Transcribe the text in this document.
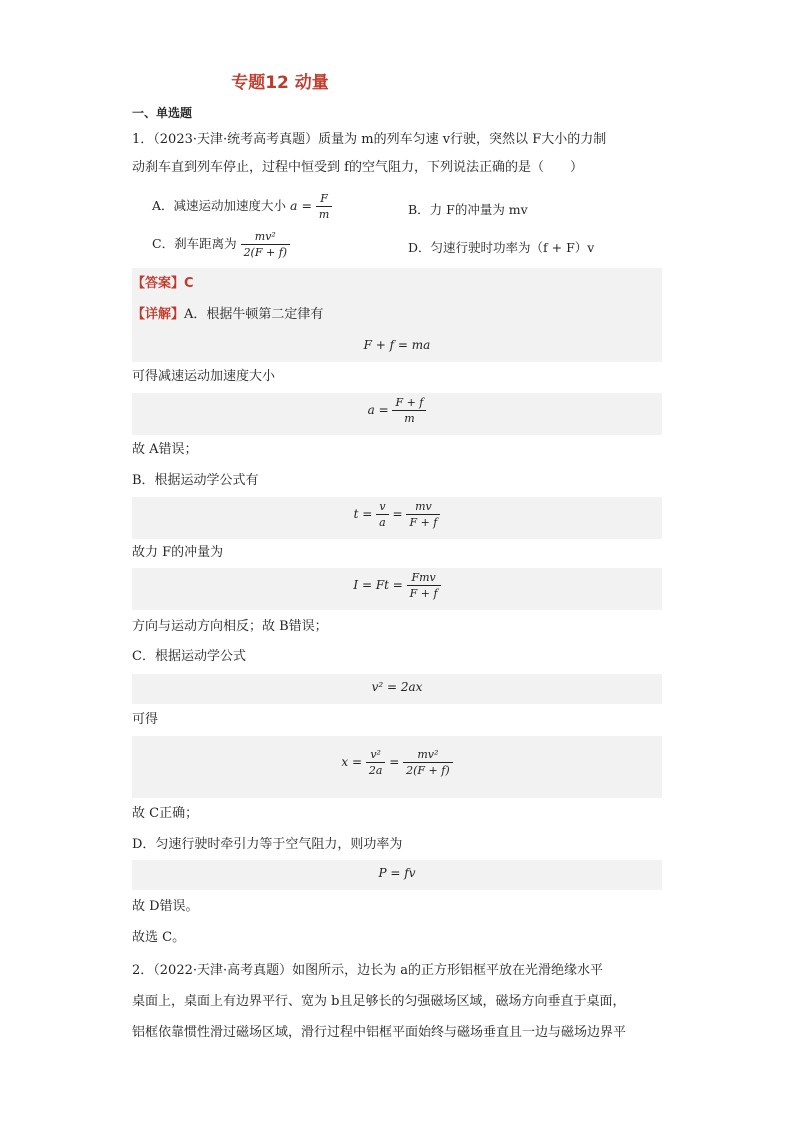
专题12 动量
一、单选题
1．（2023·天津·统考高考真题）质量为 m的列车匀速 v行驶，突然以 F大小的力制
动刹车直到列车停止，过程中恒受到 f的空气阻力，下列说法正确的是（　　）
A．减速运动加速度大小 $a = \frac{F}{m}$	B．力 F的冲量为 mv
C．刹车距离为 $\frac{\text{mv²}}{2(F + f)}$	D．匀速行驶时功率为（f + F）v
【答案】C
【详解】A．根据牛顿第二定律有
F + f = ma
可得减速运动加速度大小
$a = \frac{F + f}{m}$
故 A错误；
B．根据运动学公式有
$t = \frac{v}{a} = \frac{mv}{F + f}$
故力 F的冲量为
$I = Ft = \frac{\text{Fmv}}{F + f}$
方向与运动方向相反；故 B错误；
C．根据运动学公式
v² = 2ax
可得
$x = \frac{\text{v²}}{2a} = \frac{\text{mv²}}{2(F + f)}$
故 C正确；
D．匀速行驶时牵引力等于空气阻力，则功率为
P = fv
故 D错误。
故选 C。
2．（2022·天津·高考真题）如图所示，边长为 a的正方形铝框平放在光滑绝缘水平
桌面上，桌面上有边界平行、宽为 b且足够长的匀强磁场区域，磁场方向垂直于桌面，
铝框依靠惯性滑过磁场区域，滑行过程中铝框平面始终与磁场垂直且一边与磁场边界平
